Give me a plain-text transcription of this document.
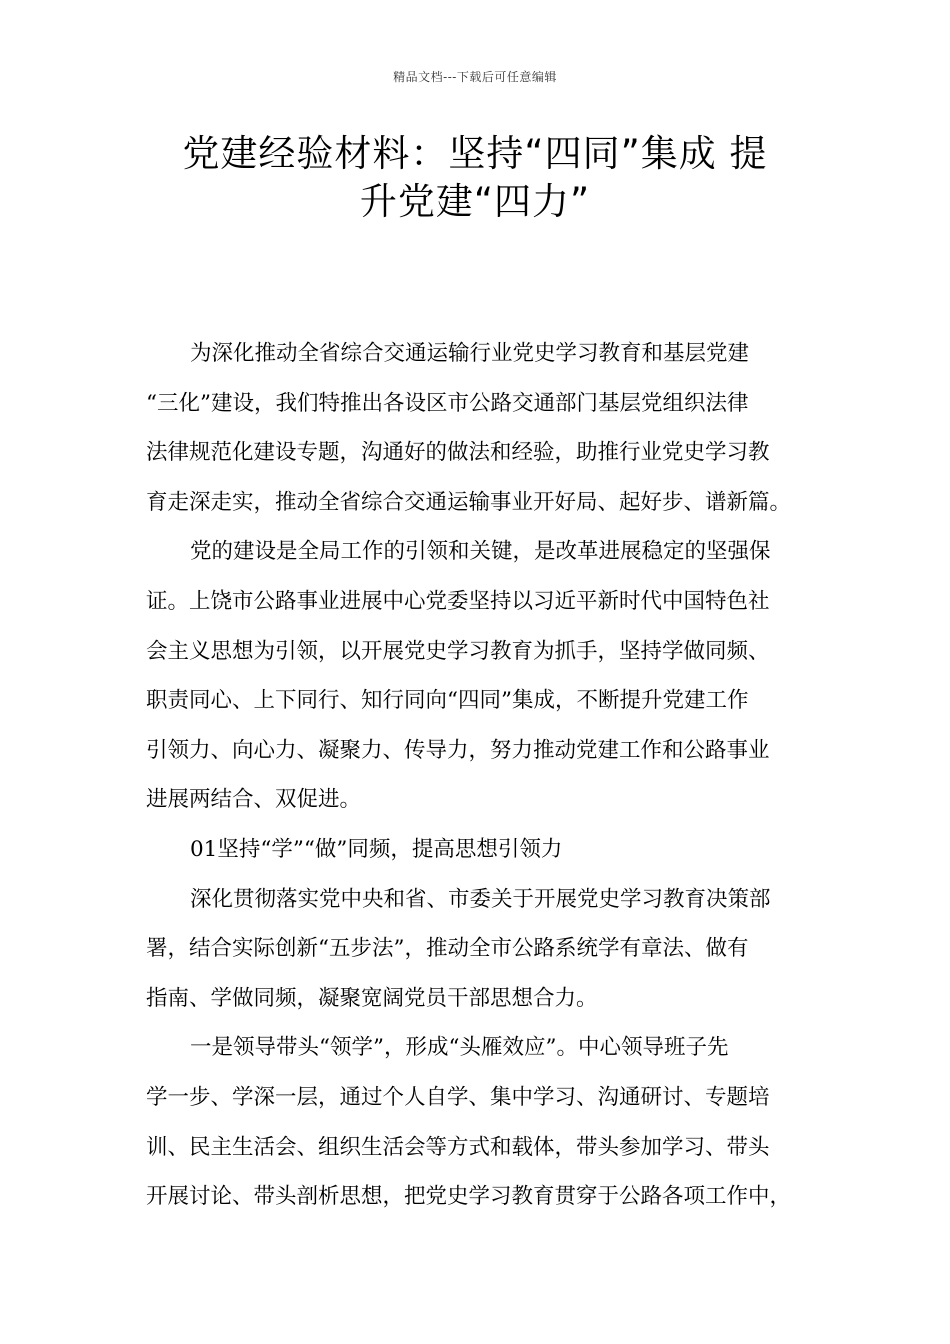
精品文档---下载后可任意编辑
党建经验材料：坚持“四同”集成 提
升党建“四力”
为深化推动全省综合交通运输行业党史学习教育和基层党建
“三化”建设，我们特推出各设区市公路交通部门基层党组织法律
法律规范化建设专题，沟通好的做法和经验，助推行业党史学习教
育走深走实，推动全省综合交通运输事业开好局、起好步、谱新篇。
党的建设是全局工作的引领和关键，是改革进展稳定的坚强保
证。上饶市公路事业进展中心党委坚持以习近平新时代中国特色社
会主义思想为引领，以开展党史学习教育为抓手，坚持学做同频、
职责同心、上下同行、知行同向“四同”集成，不断提升党建工作
引领力、向心力、凝聚力、传导力，努力推动党建工作和公路事业
进展两结合、双促进。
01坚持“学”“做”同频，提高思想引领力
深化贯彻落实党中央和省、市委关于开展党史学习教育决策部
署，结合实际创新“五步法”，推动全市公路系统学有章法、做有
指南、学做同频，凝聚宽阔党员干部思想合力。
一是领导带头“领学”，形成“头雁效应”。中心领导班子先
学一步、学深一层，通过个人自学、集中学习、沟通研讨、专题培
训、民主生活会、组织生活会等方式和载体，带头参加学习、带头
开展讨论、带头剖析思想，把党史学习教育贯穿于公路各项工作中，
